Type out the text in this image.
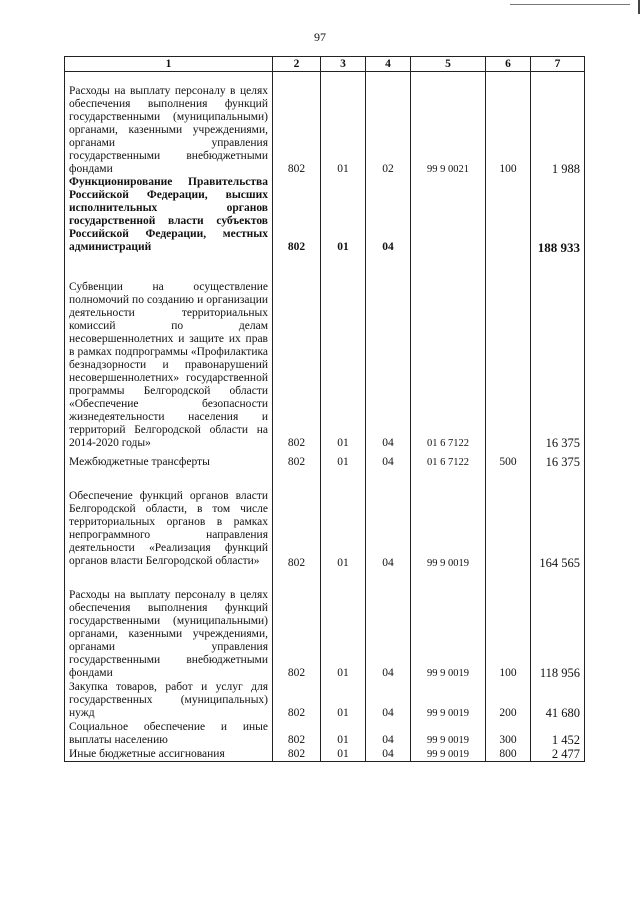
97
1	2	3	4	5	6	7
Расходы на выплату персоналу в целях обеспечения выполнения функций государственными (муниципальными) органами, казенными учреждениями, органами управления государственными внебюджетными фондами	802	01	02	99 9 0021	100	1 988
Функционирование Правительства Российской Федерации, высших исполнительных органов государственной власти субъектов Российской Федерации, местных администраций	802	01	04			188 933
Субвенции на осуществление полномочий по созданию и организации деятельности территориальных комиссий по делам несовершеннолетних и защите их прав в рамках подпрограммы «Профилактика безнадзорности и правонарушений несовершеннолетних» государственной программы Белгородской области «Обеспечение безопасности жизнедеятельности населения и территорий Белгородской области на 2014-2020 годы»	802	01	04	01 6 7122		16 375
Межбюджетные трансферты	802	01	04	01 6 7122	500	16 375
Обеспечение функций органов власти Белгородской области, в том числе территориальных органов в рамках непрограммного направления деятельности «Реализация функций органов власти Белгородской области»	802	01	04	99 9 0019		164 565
Расходы на выплату персоналу в целях обеспечения выполнения функций государственными (муниципальными) органами, казенными учреждениями, органами управления государственными внебюджетными фондами	802	01	04	99 9 0019	100	118 956
Закупка товаров, работ и услуг для государственных (муниципальных) нужд	802	01	04	99 9 0019	200	41 680
Социальное обеспечение и иные выплаты населению	802	01	04	99 9 0019	300	1 452
Иные бюджетные ассигнования	802	01	04	99 9 0019	800	2 477
